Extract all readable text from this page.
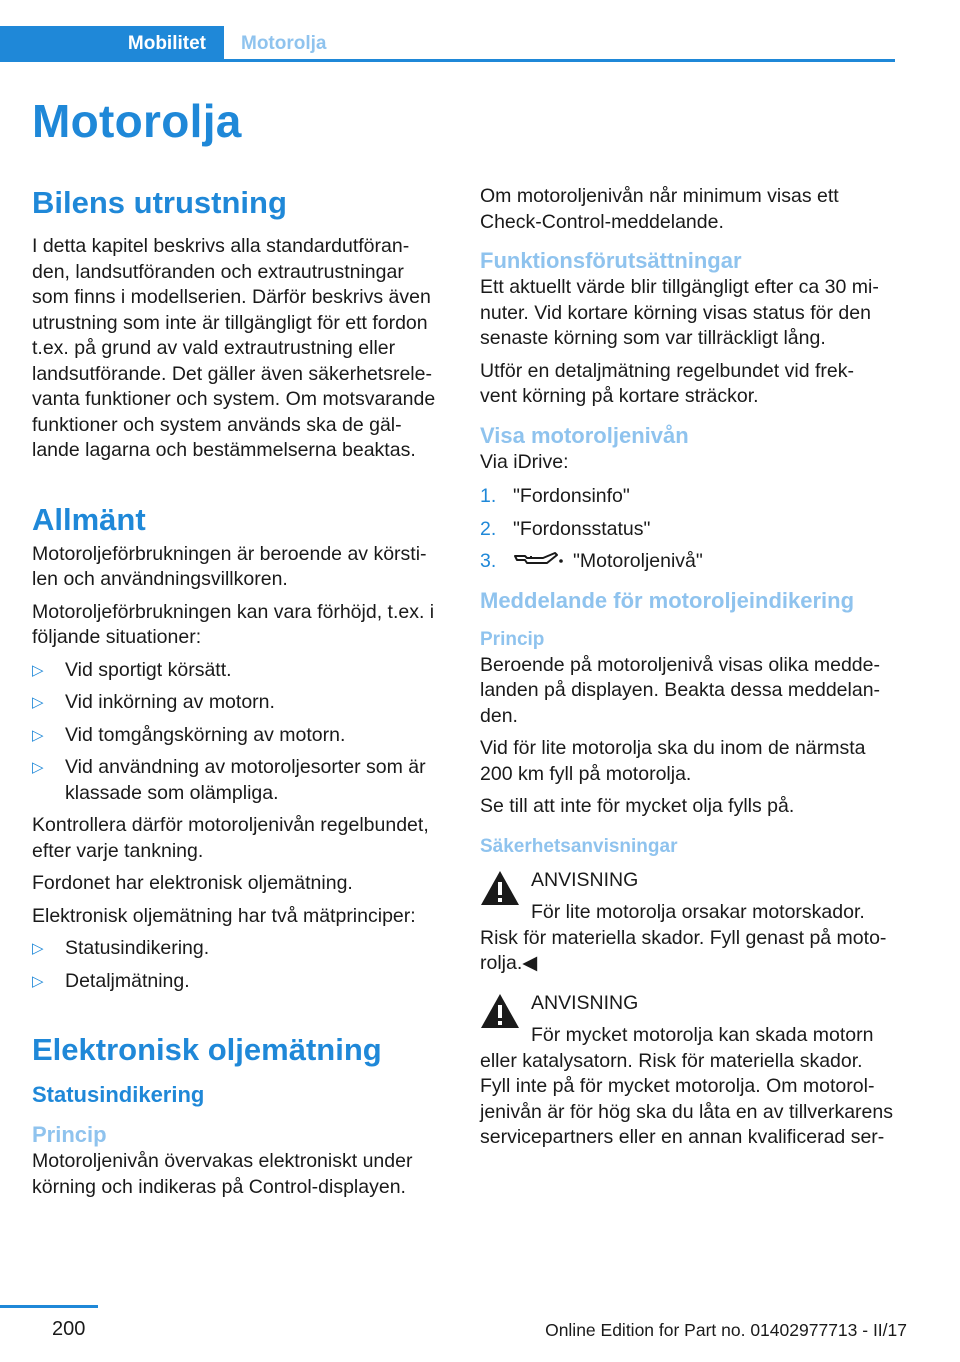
Mobilitet	Motorolja
Motorolja
Bilens utrustning

I detta kapitel beskrivs alla standardutföran-
den, landsutföranden och extrautrustningar
som finns i modellserien. Därför beskrivs även
utrustning som inte är tillgängligt för ett fordon
t.ex. på grund av vald extrautrustning eller
landsutförande. Det gäller även säkerhetsrele-
vanta funktioner och system. Om motsvarande
funktioner och system används ska de gäl-
lande lagarna och bestämmelserna beaktas.

Allmänt

Motoroljeförbrukningen är beroende av körsti-
len och användningsvillkoren.

Motoroljeförbrukningen kan vara förhöjd, t.ex. i
följande situationer:

▷ Vid sportigt körsätt.
▷ Vid inkörning av motorn.
▷ Vid tomgångskörning av motorn.
▷ Vid användning av motoroljesorter som är
klassade som olämpliga.

Kontrollera därför motoroljenivån regelbundet,
efter varje tankning.

Fordonet har elektronisk oljemätning.

Elektronisk oljemätning har två mätprinciper:

▷ Statusindikering.
▷ Detaljmätning.
Elektronisk oljemätning
Statusindikering
Princip

Motoroljenivån övervakas elektroniskt under
körning och indikeras på Control-displayen.

Om motoroljenivån når minimum visas ett
Check-Control-meddelande.

Funktionsförutsättningar

Ett aktuellt värde blir tillgängligt efter ca 30 mi-
nuter. Vid kortare körning visas status för den
senaste körning som var tillräckligt lång.

Utför en detaljmätning regelbundet vid frek-
vent körning på kortare sträckor.

Visa motoroljenivån

Via iDrive:

1. "Fordonsinfo"
2. "Fordonsstatus"
3.	"Motoroljenivå"
Meddelande för motoroljeindikering
Princip

Beroende på motoroljenivå visas olika medde-
landen på displayen. Beakta dessa meddelan-
den.

Vid för lite motorolja ska du inom de närmsta
200 km fyll på motorolja.

Se till att inte för mycket olja fylls på.

Säkerhetsanvisningar
ANVISNING
För lite motorolja orsakar motorskador.

Risk för materiella skador. Fyll genast på moto-
rolja.◀

ANVISNING
För mycket motorolja kan skada motorn

eller katalysatorn. Risk för materiella skador.
Fyll inte på för mycket motorolja. Om motorol-
jenivån är för hög ska du låta en av tillverkarens
servicepartners eller en annan kvalificerad ser-

200	Online Edition for Part no. 01402977713 - II/17
